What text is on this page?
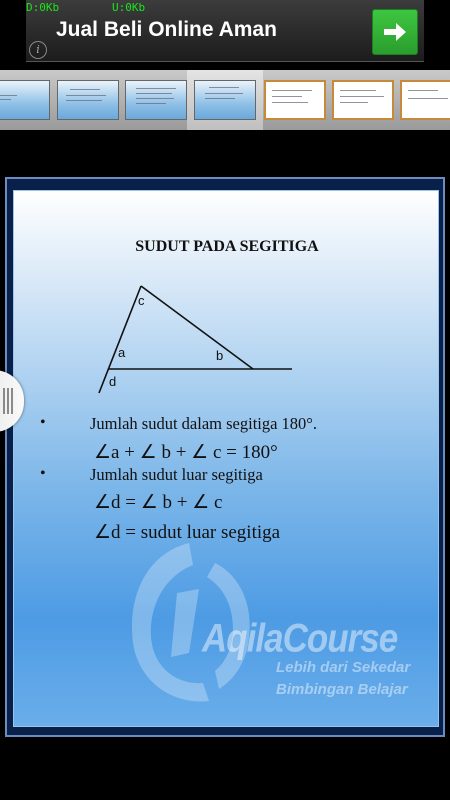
D:0Kb	U:0Kb
Jual Beli Online Aman
i
AqilaCourse
Lebih dari Sekedar
Bimbingan Belajar
SUDUT PADA SEGITIGA
c
a	b
d
•	Jumlah sudut dalam segitiga 180°.
∠a + ∠ b + ∠ c = 180°
•	Jumlah sudut luar segitiga
∠d = ∠ b + ∠ c
∠d = sudut luar segitiga
